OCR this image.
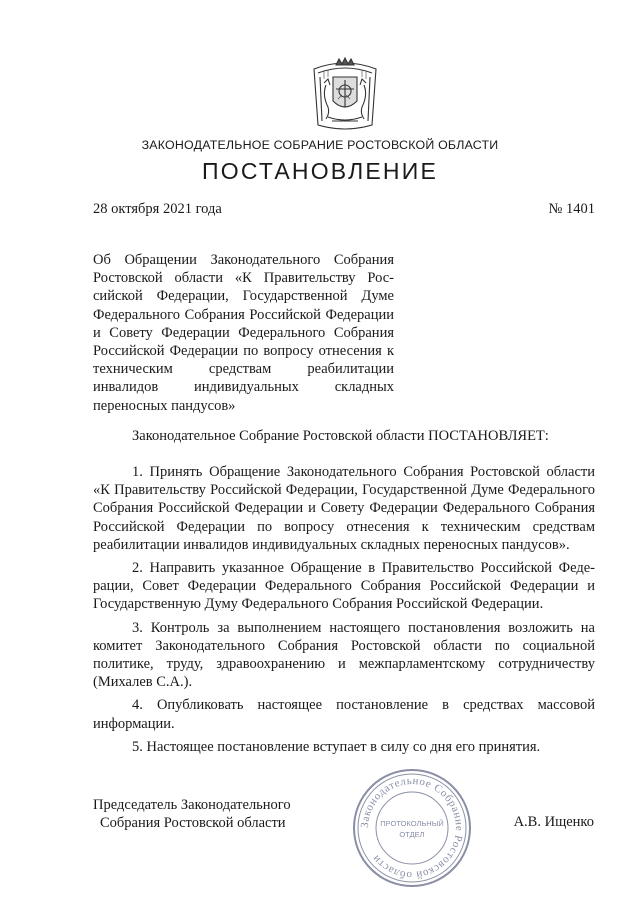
ЗАКОНОДАТЕЛЬНОЕ СОБРАНИЕ РОСТОВСКОЙ ОБЛАСТИ
ПОСТАНОВЛЕНИЕ
28 октября 2021 года	№ 1401
Об Обращении Законодательного Собрания Ростовской области «К Правительству Российской Федерации, Государственной Думе Федерального Собрания Российской Федерации и Совету Федерации Федерального Собрания Российской Федерации по вопросу отнесения к техническим средствам реабилитации инвалидов индивидуальных складных переносных пандусов»
Законодательное Собрание Ростовской области ПОСТАНОВЛЯЕТ:

1. Принять Обращение Законодательного Собрания Ростовской области «К Правительству Российской Федерации, Государственной Думе Федерального Собрания Российской Федерации и Совету Федерации Федерального Собрания Российской Федерации по вопросу отнесения к техническим средствам реабилитации инвалидов индивидуальных складных переносных пандусов».

2. Направить указанное Обращение в Правительство Российской Федерации, Совет Федерации Федерального Собрания Российской Федерации и Государственную Думу Федерального Собрания Российской Федерации.

3. Контроль за выполнением настоящего постановления возложить на комитет Законодательного Собрания Ростовской области по социальной политике, труду, здравоохранению и межпарламентскому сотрудничеству (Михалев С.А.).

4. Опубликовать настоящее постановление в средствах массовой информации.

5. Настоящее постановление вступает в силу со дня его принятия.

Председатель Законодательного
Собрания Ростовской области	Законодательное Собрание Ростовской области
ПРОТОКОЛЬНЫЙ
ОТДЕЛ
А.В. Ищенко
